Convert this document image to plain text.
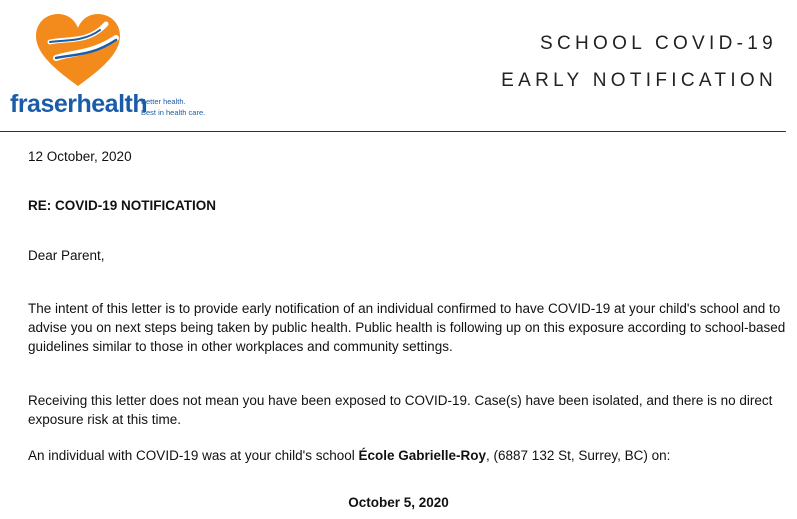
fraserhealth
Better health.
Best in health care.
SCHOOL COVID-19
EARLY NOTIFICATION
12 October, 2020
RE: COVID-19 NOTIFICATION
Dear Parent,
The intent of this letter is to provide early notification of an individual confirmed to have COVID-19 at your child's school and to advise you on next steps being taken by public health. Public health is following up on this exposure according to school-based guidelines similar to those in other workplaces and community settings.
Receiving this letter does not mean you have been exposed to COVID-19. Case(s) have been isolated, and there is no direct exposure risk at this time.
An individual with COVID-19 was at your child's school École Gabrielle-Roy, (6887 132 St, Surrey, BC) on:
October 5, 2020
